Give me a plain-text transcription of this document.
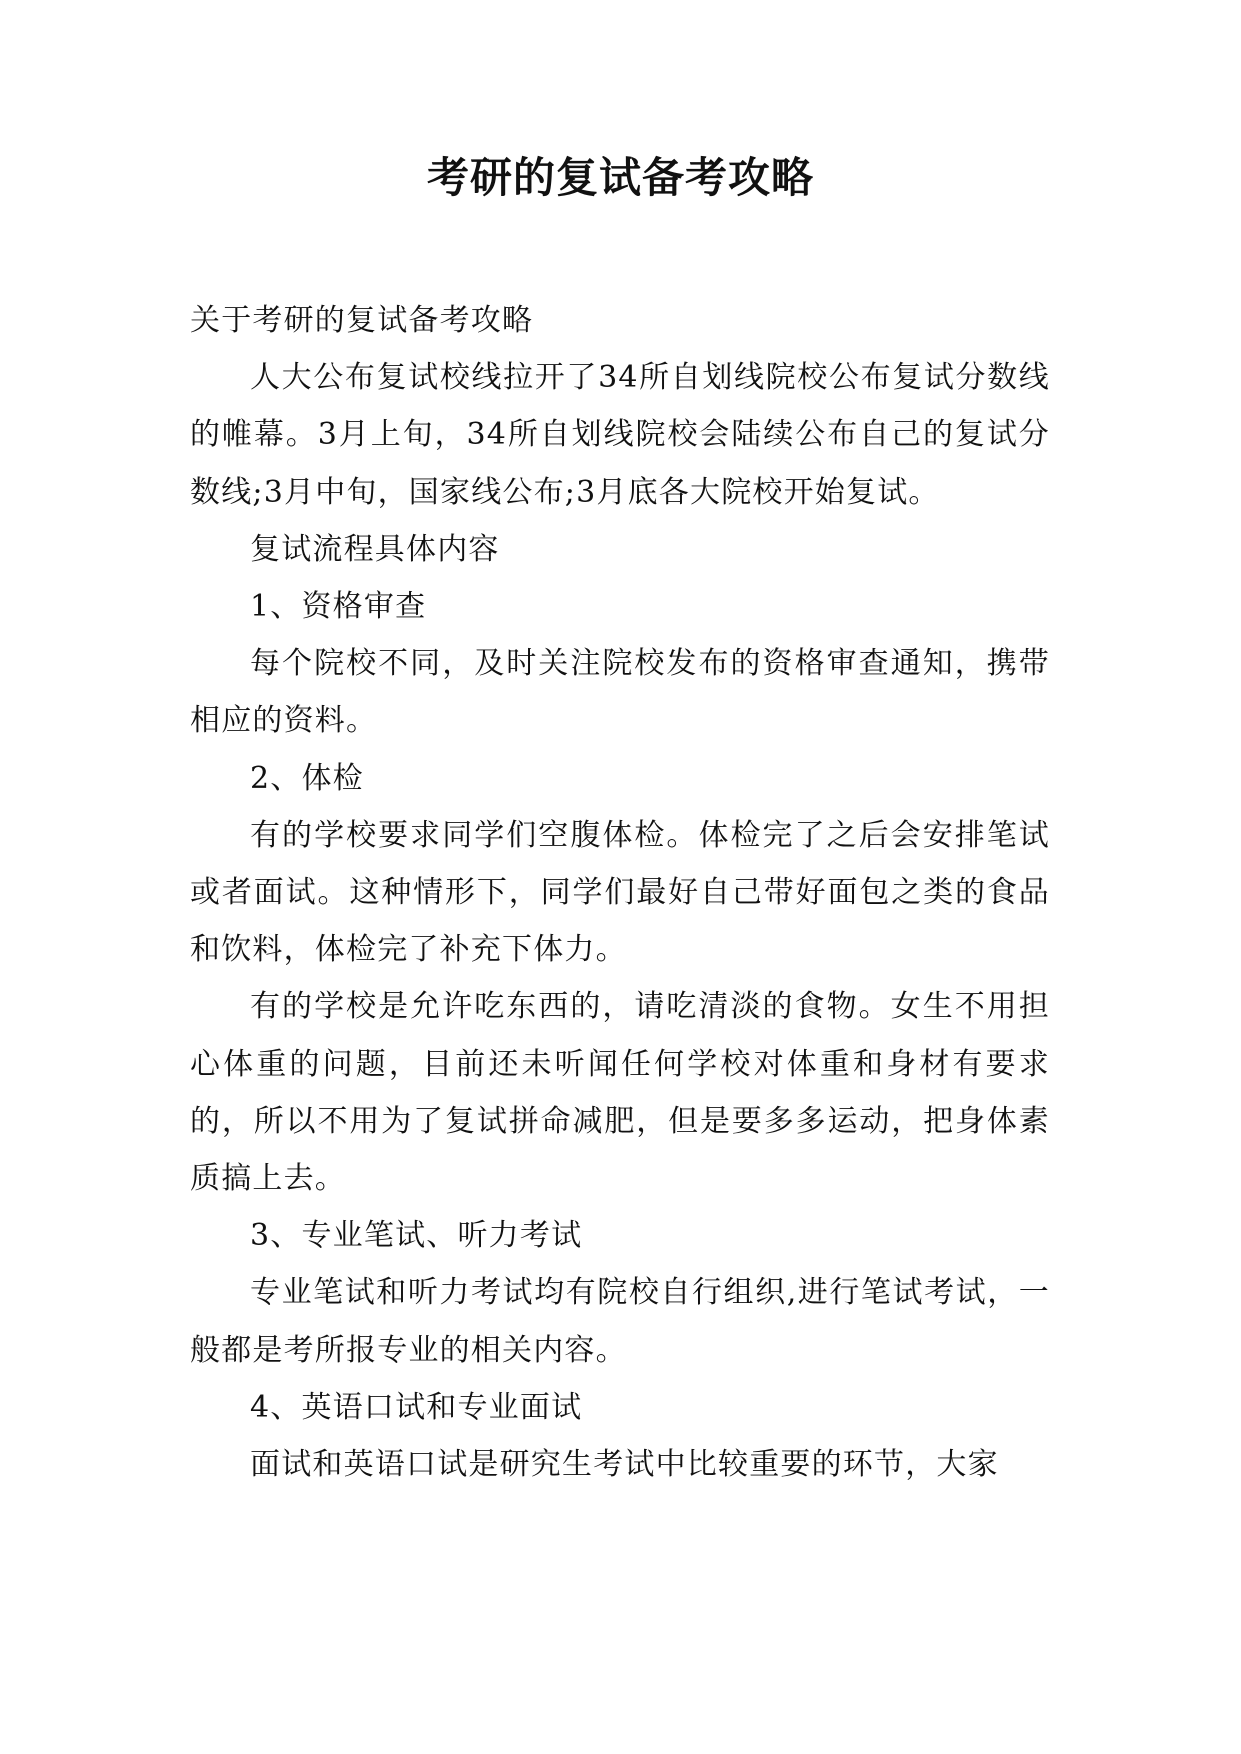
考研的复试备考攻略

关于考研的复试备考攻略

人大公布复试校线拉开了34所自划线院校公布复试分数线的帷幕。3月上旬，34所自划线院校会陆续公布自己的复试分数线;3月中旬，国家线公布;3月底各大院校开始复试。

复试流程具体内容

1、资格审查

每个院校不同，及时关注院校发布的资格审查通知，携带相应的资料。

2、体检

有的学校要求同学们空腹体检。体检完了之后会安排笔试或者面试。这种情形下，同学们最好自己带好面包之类的食品和饮料，体检完了补充下体力。

有的学校是允许吃东西的，请吃清淡的食物。女生不用担心体重的问题，目前还未听闻任何学校对体重和身材有要求的，所以不用为了复试拼命减肥，但是要多多运动，把身体素质搞上去。

3、专业笔试、听力考试

专业笔试和听力考试均有院校自行组织,进行笔试考试，一般都是考所报专业的相关内容。

4、英语口试和专业面试

面试和英语口试是研究生考试中比较重要的环节，大家
